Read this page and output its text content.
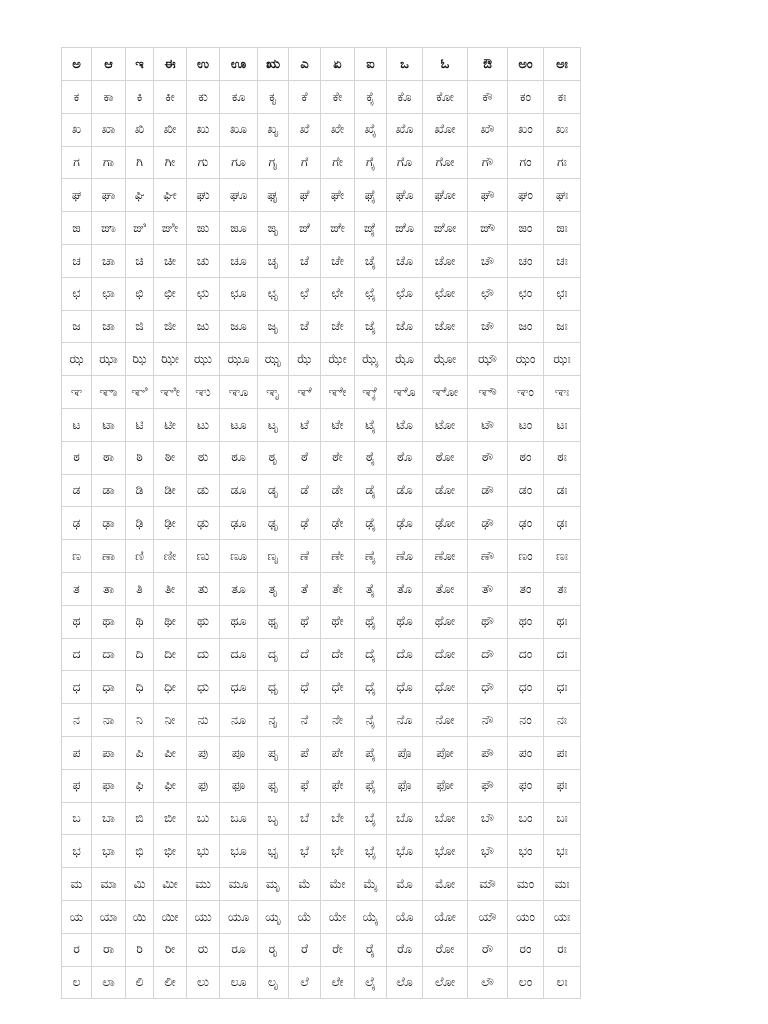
ಅ	ಆ	ಇ	ಈ	ಉ	ಊ	ಋ	ಎ	ಏ	ಐ	ಒ	ಓ	ಔ	ಅಂ	ಅಃ
ಕ	ಕಾ	ಕಿ	ಕೀ	ಕು	ಕೂ	ಕೃ	ಕೆ	ಕೇ	ಕೈ	ಕೊ	ಕೋ	ಕೌ	ಕಂ	ಕಃ
ಖ	ಖಾ	ಖಿ	ಖೀ	ಖು	ಖೂ	ಖೃ	ಖೆ	ಖೇ	ಖೈ	ಖೊ	ಖೋ	ಖೌ	ಖಂ	ಖಃ
ಗ	ಗಾ	ಗಿ	ಗೀ	ಗು	ಗೂ	ಗೃ	ಗೆ	ಗೇ	ಗೈ	ಗೊ	ಗೋ	ಗೌ	ಗಂ	ಗಃ
ಘ	ಘಾ	ಘಿ	ಘೀ	ಘು	ಘೂ	ಘೃ	ಘೆ	ಘೇ	ಘೈ	ಘೊ	ಘೋ	ಘೌ	ಘಂ	ಘಃ
ಙ	ಙಾ	ಙಿ	ಙೀ	ಙು	ಙೂ	ಙೃ	ಙೆ	ಙೇ	ಙೈ	ಙೊ	ಙೋ	ಙೌ	ಙಂ	ಙಃ
ಚ	ಚಾ	ಚಿ	ಚೀ	ಚು	ಚೂ	ಚೃ	ಚೆ	ಚೇ	ಚೈ	ಚೊ	ಚೋ	ಚೌ	ಚಂ	ಚಃ
ಛ	ಛಾ	ಛಿ	ಛೀ	ಛು	ಛೂ	ಛೃ	ಛೆ	ಛೇ	ಛೈ	ಛೊ	ಛೋ	ಛೌ	ಛಂ	ಛಃ
ಜ	ಜಾ	ಜಿ	ಜೀ	ಜು	ಜೂ	ಜೃ	ಜೆ	ಜೇ	ಜೈ	ಜೊ	ಜೋ	ಜೌ	ಜಂ	ಜಃ
ಝ	ಝಾ	ಝಿ	ಝೀ	ಝು	ಝೂ	ಝೃ	ಝೆ	ಝೇ	ಝೈ	ಝೊ	ಝೋ	ಝೌ	ಝಂ	ಝಃ
ಞ	ಞಾ	ಞಿ	ಞೀ	ಞು	ಞೂ	ಞೃ	ಞೆ	ಞೇ	ಞೈ	ಞೊ	ಞೋ	ಞೌ	ಞಂ	ಞಃ
ಟ	ಟಾ	ಟಿ	ಟೀ	ಟು	ಟೂ	ಟೃ	ಟೆ	ಟೇ	ಟೈ	ಟೊ	ಟೋ	ಟೌ	ಟಂ	ಟಃ
ಠ	ಠಾ	ಠಿ	ಠೀ	ಠು	ಠೂ	ಠೃ	ಠೆ	ಠೇ	ಠೈ	ಠೊ	ಠೋ	ಠೌ	ಠಂ	ಠಃ
ಡ	ಡಾ	ಡಿ	ಡೀ	ಡು	ಡೂ	ಡೃ	ಡೆ	ಡೇ	ಡೈ	ಡೊ	ಡೋ	ಡೌ	ಡಂ	ಡಃ
ಢ	ಢಾ	ಢಿ	ಢೀ	ಢು	ಢೂ	ಢೃ	ಢೆ	ಢೇ	ಢೈ	ಢೊ	ಢೋ	ಢೌ	ಢಂ	ಢಃ
ಣ	ಣಾ	ಣಿ	ಣೀ	ಣು	ಣೂ	ಣೃ	ಣೆ	ಣೇ	ಣೈ	ಣೊ	ಣೋ	ಣೌ	ಣಂ	ಣಃ
ತ	ತಾ	ತಿ	ತೀ	ತು	ತೂ	ತೃ	ತೆ	ತೇ	ತೈ	ತೊ	ತೋ	ತೌ	ತಂ	ತಃ
ಥ	ಥಾ	ಥಿ	ಥೀ	ಥು	ಥೂ	ಥೃ	ಥೆ	ಥೇ	ಥೈ	ಥೊ	ಥೋ	ಥೌ	ಥಂ	ಥಃ
ದ	ದಾ	ದಿ	ದೀ	ದು	ದೂ	ದೃ	ದೆ	ದೇ	ದೈ	ದೊ	ದೋ	ದೌ	ದಂ	ದಃ
ಧ	ಧಾ	ಧಿ	ಧೀ	ಧು	ಧೂ	ಧೃ	ಧೆ	ಧೇ	ಧೈ	ಧೊ	ಧೋ	ಧೌ	ಧಂ	ಧಃ
ನ	ನಾ	ನಿ	ನೀ	ನು	ನೂ	ನೃ	ನೆ	ನೇ	ನೈ	ನೊ	ನೋ	ನೌ	ನಂ	ನಃ
ಪ	ಪಾ	ಪಿ	ಪೀ	ಪು	ಪೂ	ಪೃ	ಪೆ	ಪೇ	ಪೈ	ಪೊ	ಪೋ	ಪೌ	ಪಂ	ಪಃ
ಫ	ಫಾ	ಫಿ	ಫೀ	ಫು	ಫೂ	ಫೃ	ಫೆ	ಫೇ	ಫೈ	ಫೊ	ಫೋ	ಫೌ	ಫಂ	ಫಃ
ಬ	ಬಾ	ಬಿ	ಬೀ	ಬು	ಬೂ	ಬೃ	ಬೆ	ಬೇ	ಬೈ	ಬೊ	ಬೋ	ಬೌ	ಬಂ	ಬಃ
ಭ	ಭಾ	ಭಿ	ಭೀ	ಭು	ಭೂ	ಭೃ	ಭೆ	ಭೇ	ಭೈ	ಭೊ	ಭೋ	ಭೌ	ಭಂ	ಭಃ
ಮ	ಮಾ	ಮಿ	ಮೀ	ಮು	ಮೂ	ಮೃ	ಮೆ	ಮೇ	ಮೈ	ಮೊ	ಮೋ	ಮೌ	ಮಂ	ಮಃ
ಯ	ಯಾ	ಯಿ	ಯೀ	ಯು	ಯೂ	ಯೃ	ಯೆ	ಯೇ	ಯೈ	ಯೊ	ಯೋ	ಯೌ	ಯಂ	ಯಃ
ರ	ರಾ	ರಿ	ರೀ	ರು	ರೂ	ರೃ	ರೆ	ರೇ	ರೈ	ರೊ	ರೋ	ರೌ	ರಂ	ರಃ
ಲ	ಲಾ	ಲಿ	ಲೀ	ಲು	ಲೂ	ಲೃ	ಲೆ	ಲೇ	ಲೈ	ಲೊ	ಲೋ	ಲೌ	ಲಂ	ಲಃ
